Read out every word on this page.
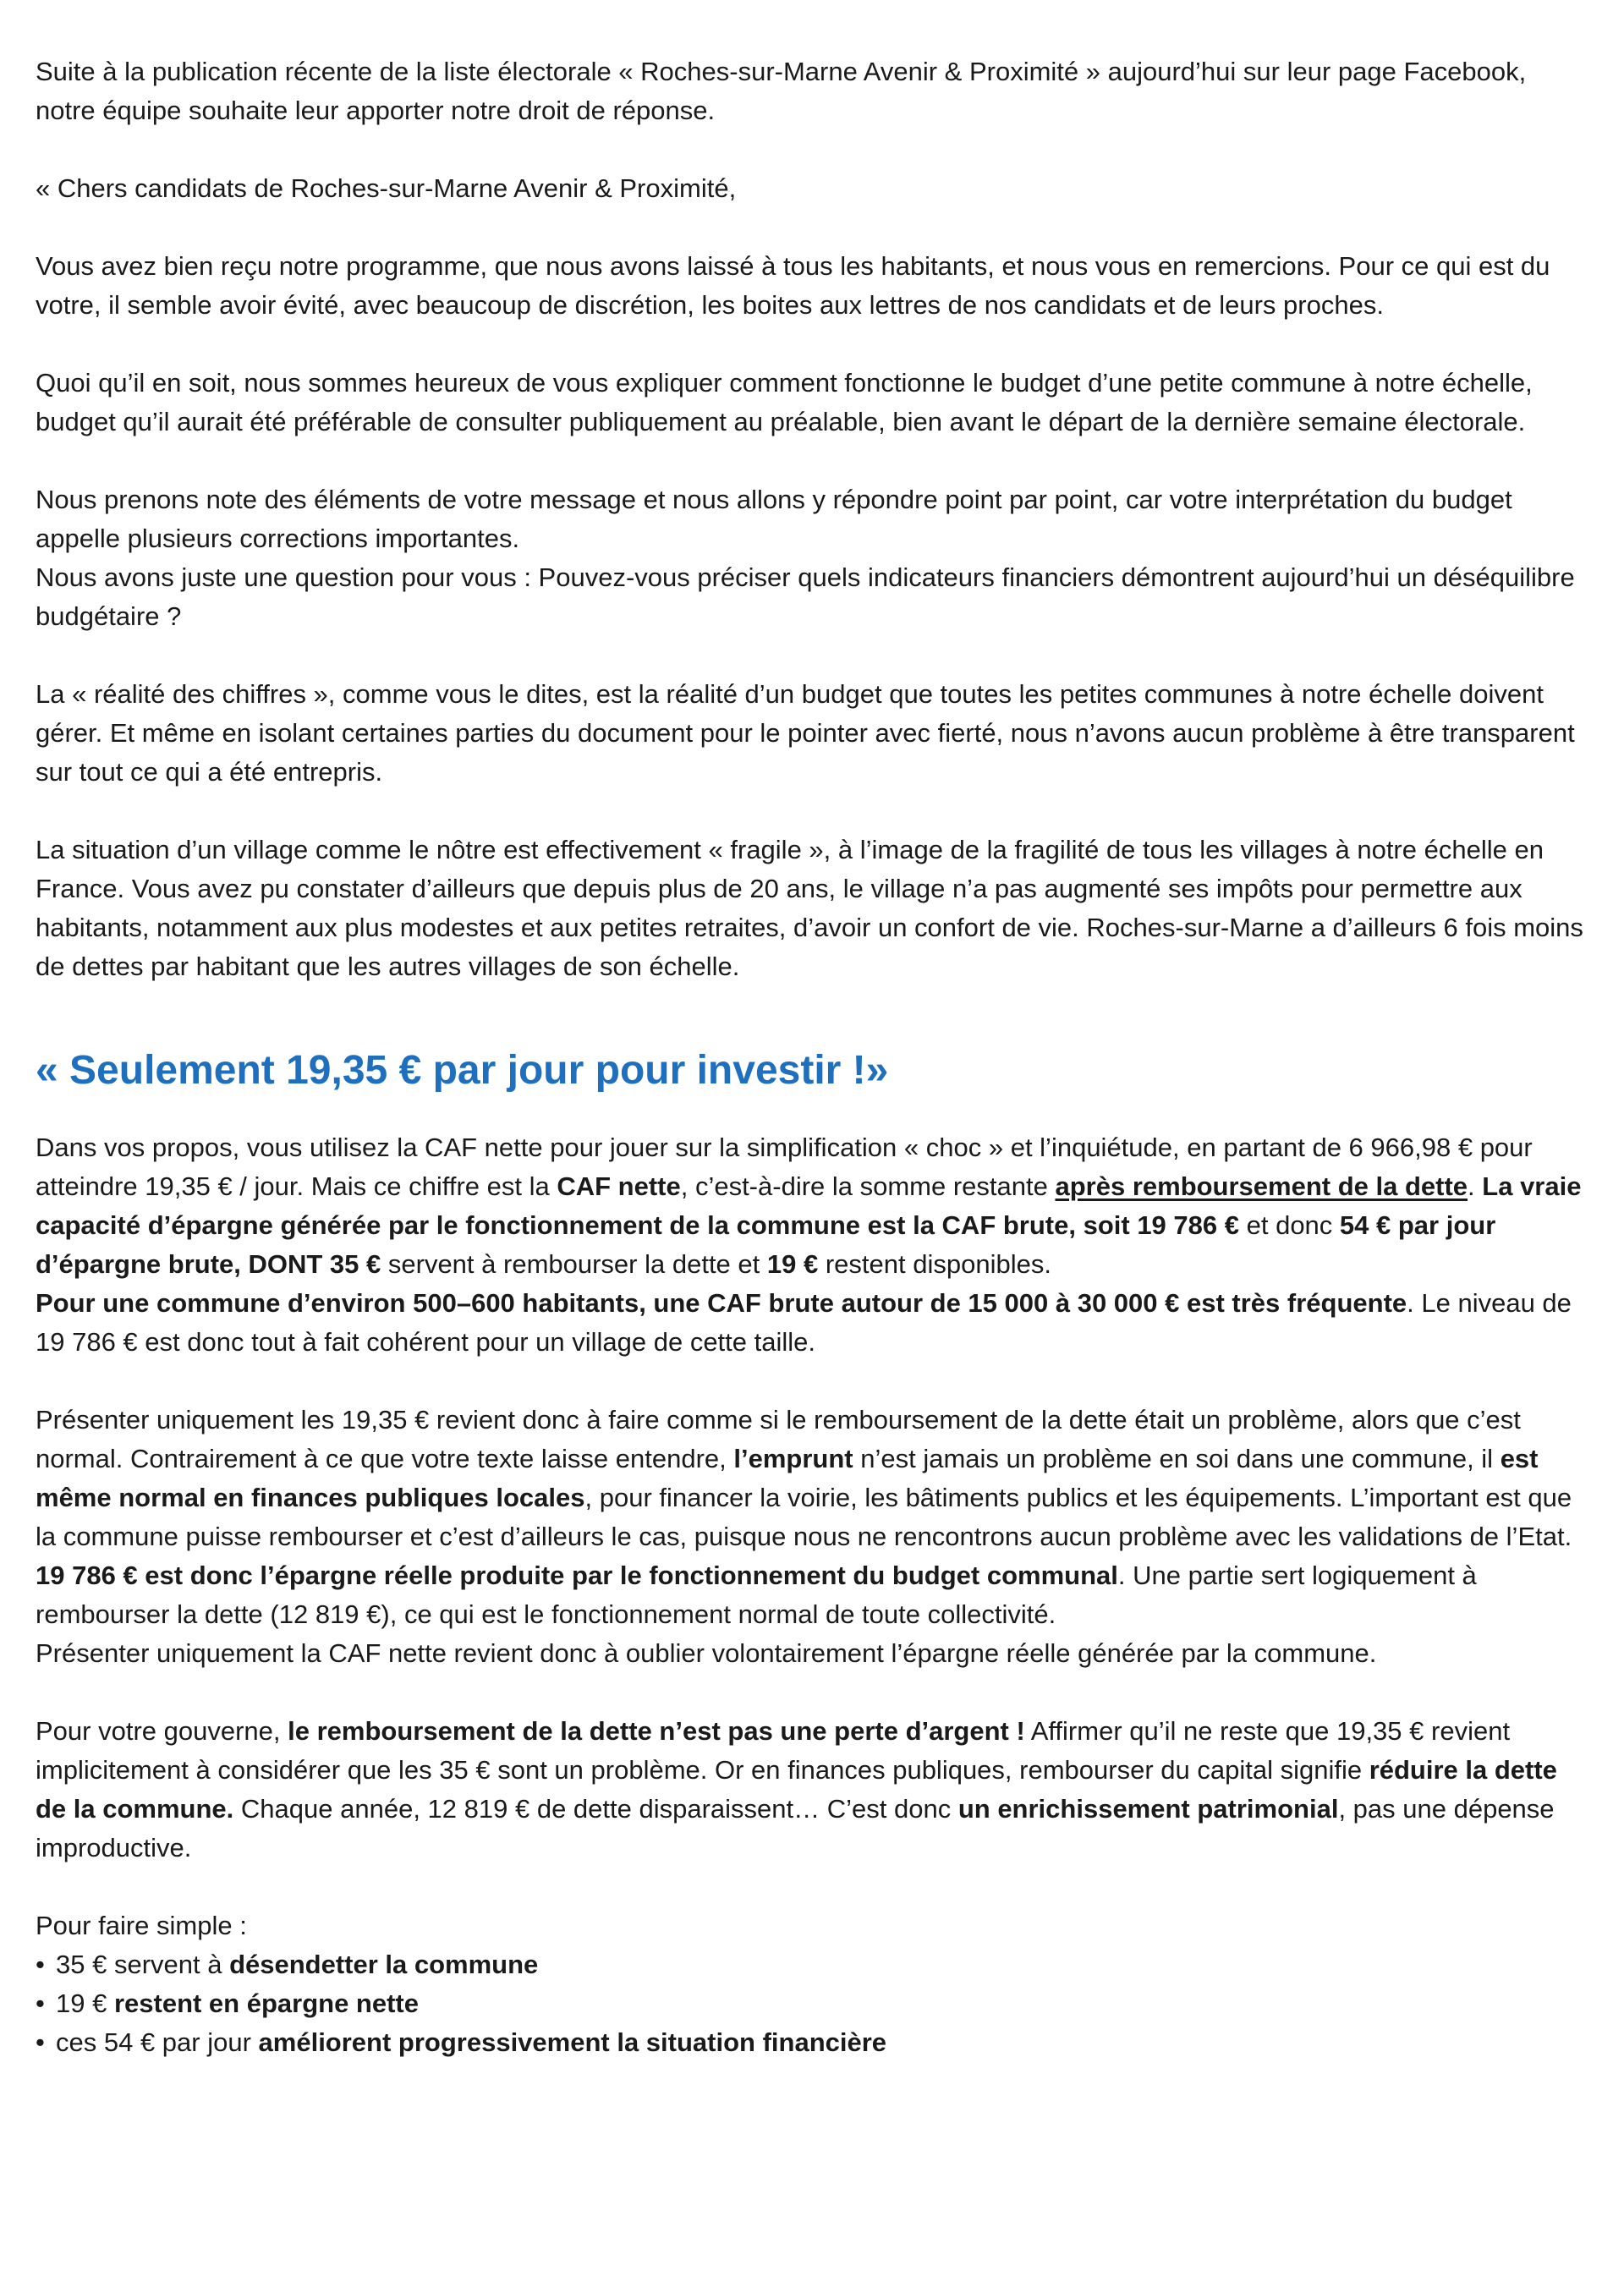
Suite à la publication récente de la liste électorale « Roches-sur-Marne Avenir & Proximité » aujourd’hui sur leur page Facebook, notre équipe souhaite leur apporter notre droit de réponse.

« Chers candidats de Roches-sur-Marne Avenir & Proximité,

Vous avez bien reçu notre programme, que nous avons laissé à tous les habitants, et nous vous en remercions. Pour ce qui est du votre, il semble avoir évité, avec beaucoup de discrétion, les boites aux lettres de nos candidats et de leurs proches.

Quoi qu’il en soit, nous sommes heureux de vous expliquer comment fonctionne le budget d’une petite commune à notre échelle, budget qu’il aurait été préférable de consulter publiquement au préalable, bien avant le départ de la dernière semaine électorale.

Nous prenons note des éléments de votre message et nous allons y répondre point par point, car votre interprétation du budget appelle plusieurs corrections importantes.

Nous avons juste une question pour vous : Pouvez-vous préciser quels indicateurs financiers démontrent aujourd’hui un déséquilibre budgétaire ?

La « réalité des chiffres », comme vous le dites, est la réalité d’un budget que toutes les petites communes à notre échelle doivent gérer. Et même en isolant certaines parties du document pour le pointer avec fierté, nous n’avons aucun problème à être transparent sur tout ce qui a été entrepris.

La situation d’un village comme le nôtre est effectivement « fragile », à l’image de la fragilité de tous les villages à notre échelle en France. Vous avez pu constater d’ailleurs que depuis plus de 20 ans, le village n’a pas augmenté ses impôts pour permettre aux habitants, notamment aux plus modestes et aux petites retraites, d’avoir un confort de vie. Roches-sur-Marne a d’ailleurs 6 fois moins de dettes par habitant que les autres villages de son échelle.

« Seulement 19,35 € par jour pour investir !»

Dans vos propos, vous utilisez la CAF nette pour jouer sur la simplification « choc » et l’inquiétude, en partant de 6 966,98 € pour atteindre 19,35 € / jour. Mais ce chiffre est la CAF nette, c’est-à-dire la somme restante après remboursement de la dette. La vraie capacité d’épargne générée par le fonctionnement de la commune est la CAF brute, soit 19 786 € et donc 54 € par jour d’épargne brute, DONT 35 € servent à rembourser la dette et 19 € restent disponibles.

Pour une commune d’environ 500–600 habitants, une CAF brute autour de 15 000 à 30 000 € est très fréquente. Le niveau de 19 786 € est donc tout à fait cohérent pour un village de cette taille.

Présenter uniquement les 19,35 € revient donc à faire comme si le remboursement de la dette était un problème, alors que c’est normal. Contrairement à ce que votre texte laisse entendre, l’emprunt n’est jamais un problème en soi dans une commune, il est même normal en finances publiques locales, pour financer la voirie, les bâtiments publics et les équipements. L’important est que la commune puisse rembourser et c’est d’ailleurs le cas, puisque nous ne rencontrons aucun problème avec les validations de l’Etat.

19 786 € est donc l’épargne réelle produite par le fonctionnement du budget communal. Une partie sert logiquement à rembourser la dette (12 819 €), ce qui est le fonctionnement normal de toute collectivité.

Présenter uniquement la CAF nette revient donc à oublier volontairement l’épargne réelle générée par la commune.

Pour votre gouverne, le remboursement de la dette n’est pas une perte d’argent ! Affirmer qu’il ne reste que 19,35 € revient implicitement à considérer que les 35 € sont un problème. Or en finances publiques, rembourser du capital signifie réduire la dette de la commune. Chaque année, 12 819 € de dette disparaissent… C’est donc un enrichissement patrimonial, pas une dépense improductive.

Pour faire simple :

• 35 € servent à désendetter la commune
• 19 € restent en épargne nette
• ces 54 € par jour améliorent progressivement la situation financière
